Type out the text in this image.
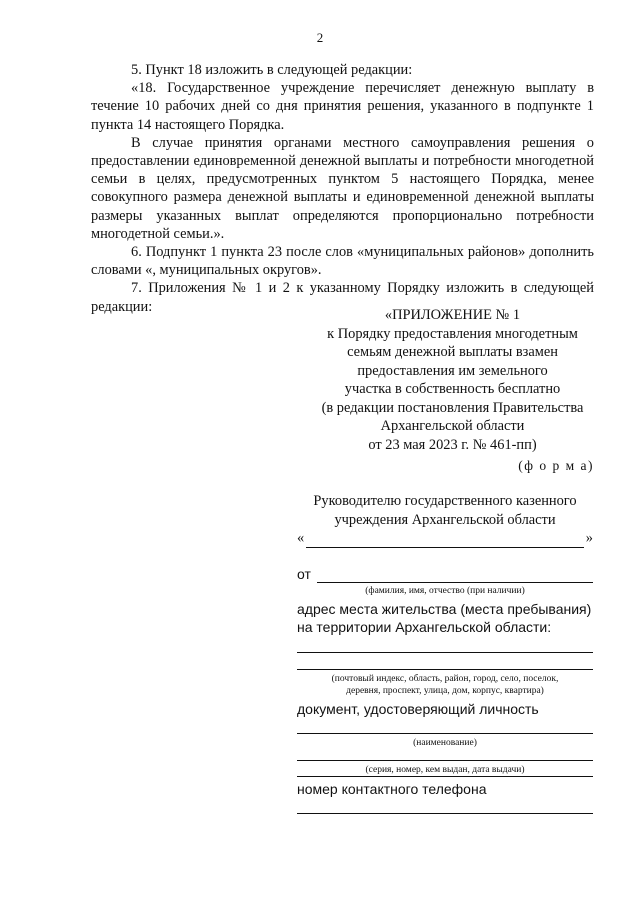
2

5. Пункт 18 изложить в следующей редакции:

«18. Государственное учреждение перечисляет денежную выплату в течение 10 рабочих дней со дня принятия решения, указанного в подпункте 1 пункта 14 настоящего Порядка.

В случае принятия органами местного самоуправления решения о предоставлении единовременной денежной выплаты и потребности многодетной семьи в целях, предусмотренных пунктом 5 настоящего Порядка, менее совокупного размера денежной выплаты и единовременной денежной выплаты размеры указанных выплат определяются пропорционально потребности многодетной семьи.».

6. Подпункт 1 пункта 23 после слов «муниципальных районов» дополнить словами «, муниципальных округов».

7. Приложения № 1 и 2 к указанному Порядку изложить в следующей редакции:

«ПРИЛОЖЕНИЕ № 1
к Порядку предоставления многодетным
семьям денежной выплаты взамен
предоставления им земельного
участка в собственность бесплатно
(в редакции постановления Правительства
Архангельской области
от 23 мая 2023 г. № 461-пп)
(ф о р м а)
Руководителю государственного казенного
учреждения Архангельской области
«	»
от
(фамилия, имя, отчество (при наличии)
адрес места жительства (места пребывания)
на территории Архангельской области:
(почтовый индекс, область, район, город, село, поселок,
деревня, проспект, улица, дом, корпус, квартира)
документ, удостоверяющий личность
(наименование)
(серия, номер, кем выдан, дата выдачи)
номер контактного телефона
